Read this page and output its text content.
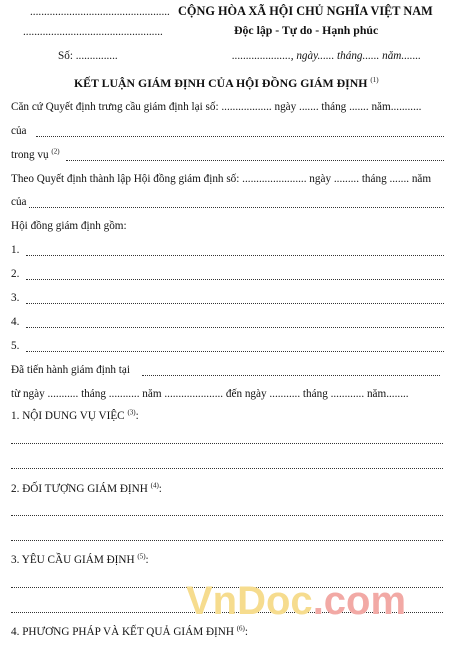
..................................................
..................................................
Số: ...............
CỘNG HÒA XÃ HỘI CHỦ NGHĨA VIỆT NAM
Độc lập - Tự do - Hạnh phúc
....................., ngày...... tháng...... năm.......
KẾT LUẬN GIÁM ĐỊNH CỦA HỘI ĐỒNG GIÁM ĐỊNH $^{(1)}$
Căn cứ Quyết định trưng cầu giám định lại số: .................. ngày ....... tháng ....... năm...........
của
trong vụ $^{(2)}$
Theo Quyết định thành lập Hội đồng giám định số: ....................... ngày ......... tháng ....... năm
của
Hội đồng giám định gồm:
1.
2.
3.
4.
5.
Đã tiến hành giám định tại
từ ngày ........... tháng ........... năm ..................... đến ngày ........... tháng ............ năm........
1. NỘI DUNG VỤ VIỆC $^{(3)}$:
2. ĐỐI TƯỢNG GIÁM ĐỊNH $^{(4)}$:
3. YÊU CẦU GIÁM ĐỊNH $^{(5)}$:
4. PHƯƠNG PHÁP VÀ KẾT QUẢ GIÁM ĐỊNH $^{(6)}$:
VnDoc.com
